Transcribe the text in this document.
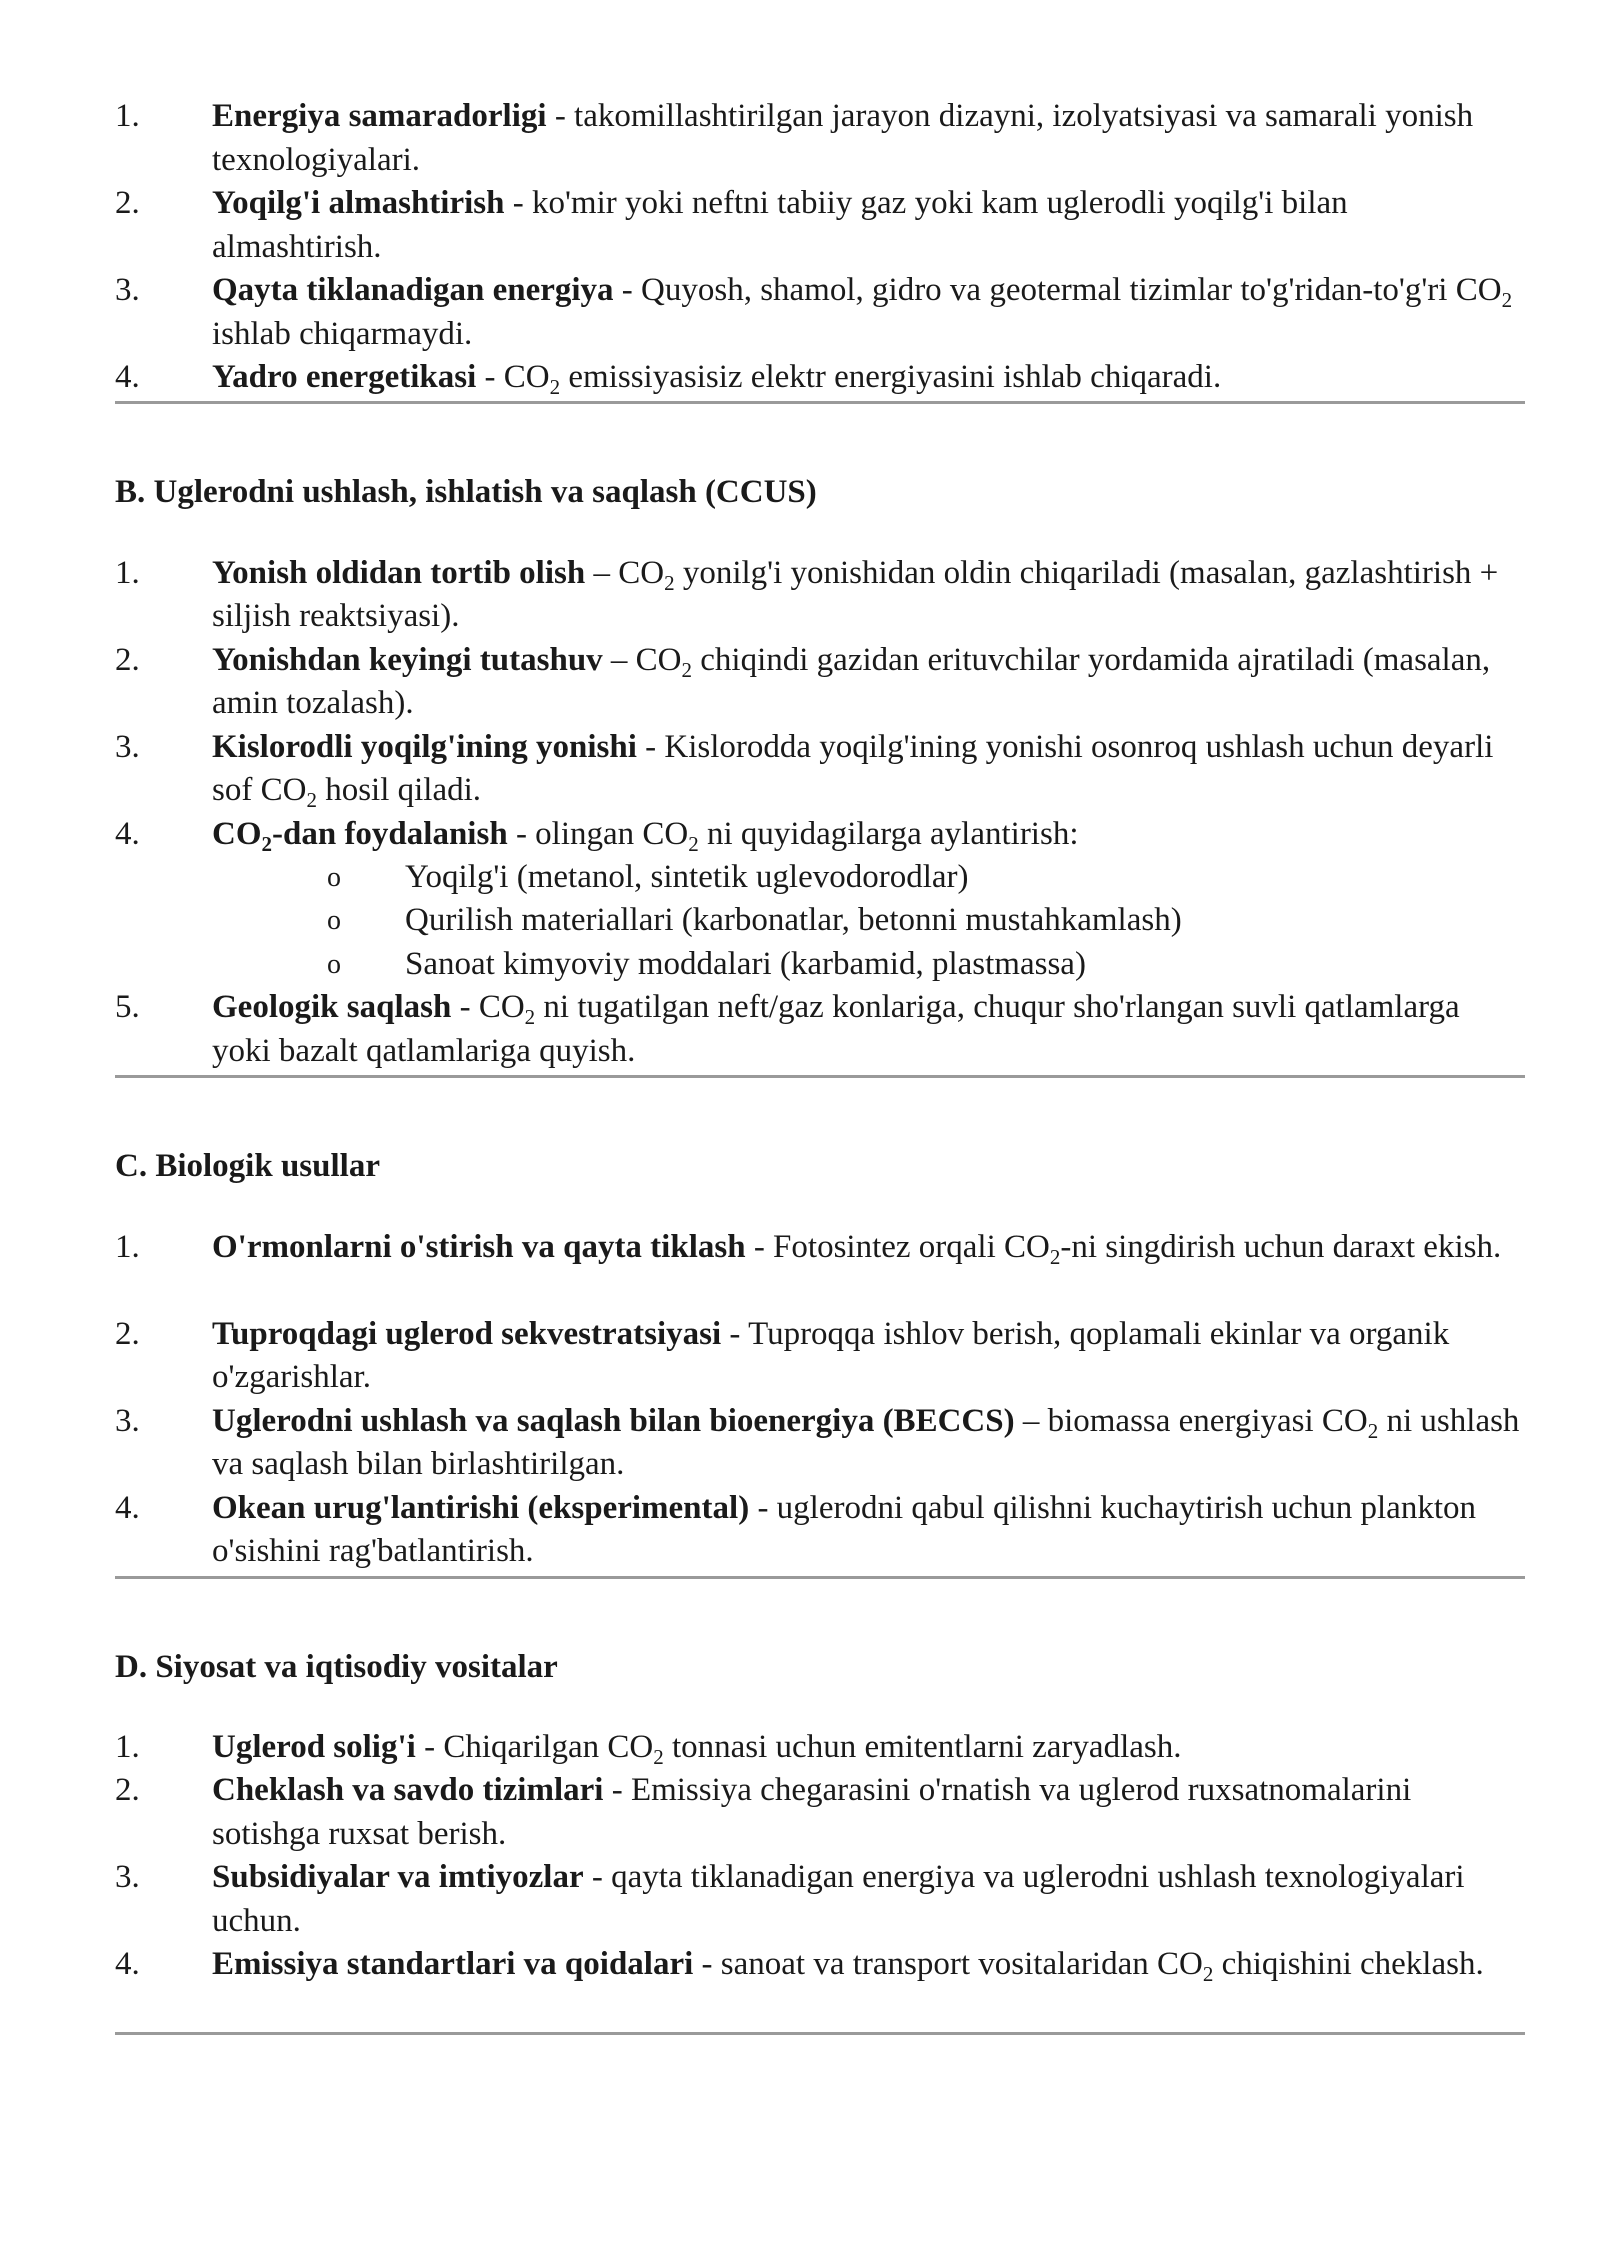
1.	Energiya samaradorligi - takomillashtirilgan jarayon dizayni, izolyatsiyasi va samarali yonish texnologiyalari.
2.	Yoqilg'i almashtirish - ko'mir yoki neftni tabiiy gaz yoki kam uglerodli yoqilg'i bilan almashtirish.
3.	Qayta tiklanadigan energiya - Quyosh, shamol, gidro va geotermal tizimlar to'g'ridan-to'g'ri $CO_2$ ishlab chiqarmaydi.
4.	Yadro energetikasi - $CO_2$ emissiyasisiz elektr energiyasini ishlab chiqaradi.
B. Uglerodni ushlash, ishlatish va saqlash (CCUS)
1.	Yonish oldidan tortib olish – $CO_2$ yonilg'i yonishidan oldin chiqariladi (masalan, gazlashtirish + siljish reaktsiyasi).
2.	Yonishdan keyingi tutashuv – $CO_2$ chiqindi gazidan erituvchilar yordamida ajratiladi (masalan, amin tozalash).
3.	Kislorodli yoqilg'ining yonishi - Kislorodda yoqilg'ining yonishi osonroq ushlash uchun deyarli sof $CO_2$ hosil qiladi.
4.	$CO_2$-dan foydalanish - olingan $CO_2$ ni quyidagilarga aylantirish:
o Yoqilg'i (metanol, sintetik uglevodorodlar)
o Qurilish materiallari (karbonatlar, betonni mustahkamlash)
o Sanoat kimyoviy moddalari (karbamid, plastmassa)
5.	Geologik saqlash - $CO_2$ ni tugatilgan neft/gaz konlariga, chuqur sho'rlangan suvli qatlamlarga yoki bazalt qatlamlariga quyish.
C. Biologik usullar
1.	O'rmonlarni o'stirish va qayta tiklash - Fotosintez orqali $CO_2-ni$ singdirish uchun daraxt ekish.
2.	Tuproqdagi uglerod sekvestratsiyasi - Tuproqqa ishlov berish, qoplamali ekinlar va organik o'zgarishlar.
3.	Uglerodni ushlash va saqlash bilan bioenergiya (BECCS) – biomassa energiyasi $CO_2$ ni ushlash va saqlash bilan birlashtirilgan.
4.	Okean urug'lantirishi (eksperimental) - uglerodni qabul qilishni kuchaytirish uchun plankton o'sishini rag'batlantirish.
D. Siyosat va iqtisodiy vositalar
1.	Uglerod solig'i - Chiqarilgan $CO_2$ tonnasi uchun emitentlarni zaryadlash.
2.	Cheklash va savdo tizimlari - Emissiya chegarasini o'rnatish va uglerod ruxsatnomalarini sotishga ruxsat berish.
3.	Subsidiyalar va imtiyozlar - qayta tiklanadigan energiya va uglerodni ushlash texnologiyalari uchun.
4.	Emissiya standartlari va qoidalari - sanoat va transport vositalaridan $CO_2$ chiqishini cheklash.
